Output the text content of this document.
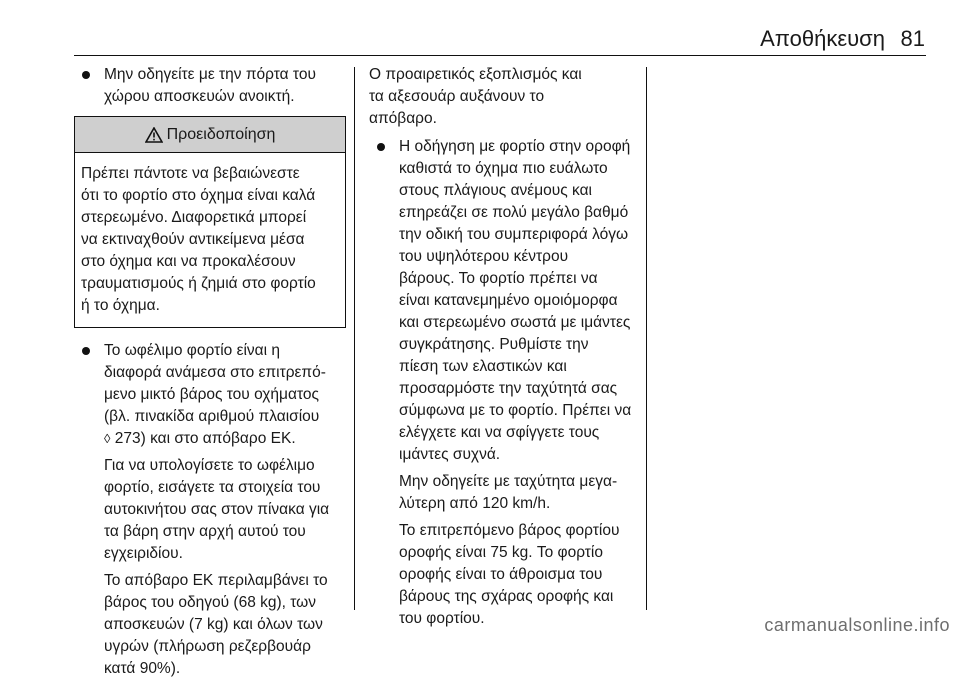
Αποθήκευση 81
Μην οδηγείτε με την πόρτα του
χώρου αποσκευών ανοικτή.
Προειδοποίηση
Πρέπει πάντοτε να βεβαιώνεστε
ότι το φορτίο στο όχημα είναι καλά
στερεωμένο. Διαφορετικά μπορεί
να εκτιναχθούν αντικείμενα μέσα
στο όχημα και να προκαλέσουν
τραυματισμούς ή ζημιά στο φορτίο
ή το όχημα.
Το ωφέλιμο φορτίο είναι η
διαφορά ανάμεσα στο επιτρεπό‐
μενο μικτό βάρος του οχήματος
(βλ. πινακίδα αριθμού πλαισίου
◊ 273) και στο απόβαρο ΕΚ.
Για να υπολογίσετε το ωφέλιμο
φορτίο, εισάγετε τα στοιχεία του
αυτοκινήτου σας στον πίνακα για
τα βάρη στην αρχή αυτού του
εγχειριδίου.
Το απόβαρο ΕΚ περιλαμβάνει το
βάρος του οδηγού (68 kg), των
αποσκευών (7 kg) και όλων των
υγρών (πλήρωση ρεζερβουάρ
κατά 90%).
Ο προαιρετικός εξοπλισμός και
τα αξεσουάρ αυξάνουν το
απόβαρο.
Η οδήγηση με φορτίο στην οροφή
καθιστά το όχημα πιο ευάλωτο
στους πλάγιους ανέμους και
επηρεάζει σε πολύ μεγάλο βαθμό
την οδική του συμπεριφορά λόγω
του υψηλότερου κέντρου
βάρους. Το φορτίο πρέπει να
είναι κατανεμημένο ομοιόμορφα
και στερεωμένο σωστά με ιμάντες
συγκράτησης. Ρυθμίστε την
πίεση των ελαστικών και
προσαρμόστε την ταχύτητά σας
σύμφωνα με το φορτίο. Πρέπει να
ελέγχετε και να σφίγγετε τους
ιμάντες συχνά.
Μην οδηγείτε με ταχύτητα μεγα‐
λύτερη από 120 km/h.
Το επιτρεπόμενο βάρος φορτίου
οροφής είναι 75 kg. Το φορτίο
οροφής είναι το άθροισμα του
βάρους της σχάρας οροφής και
του φορτίου.	carmanualsonline.info
